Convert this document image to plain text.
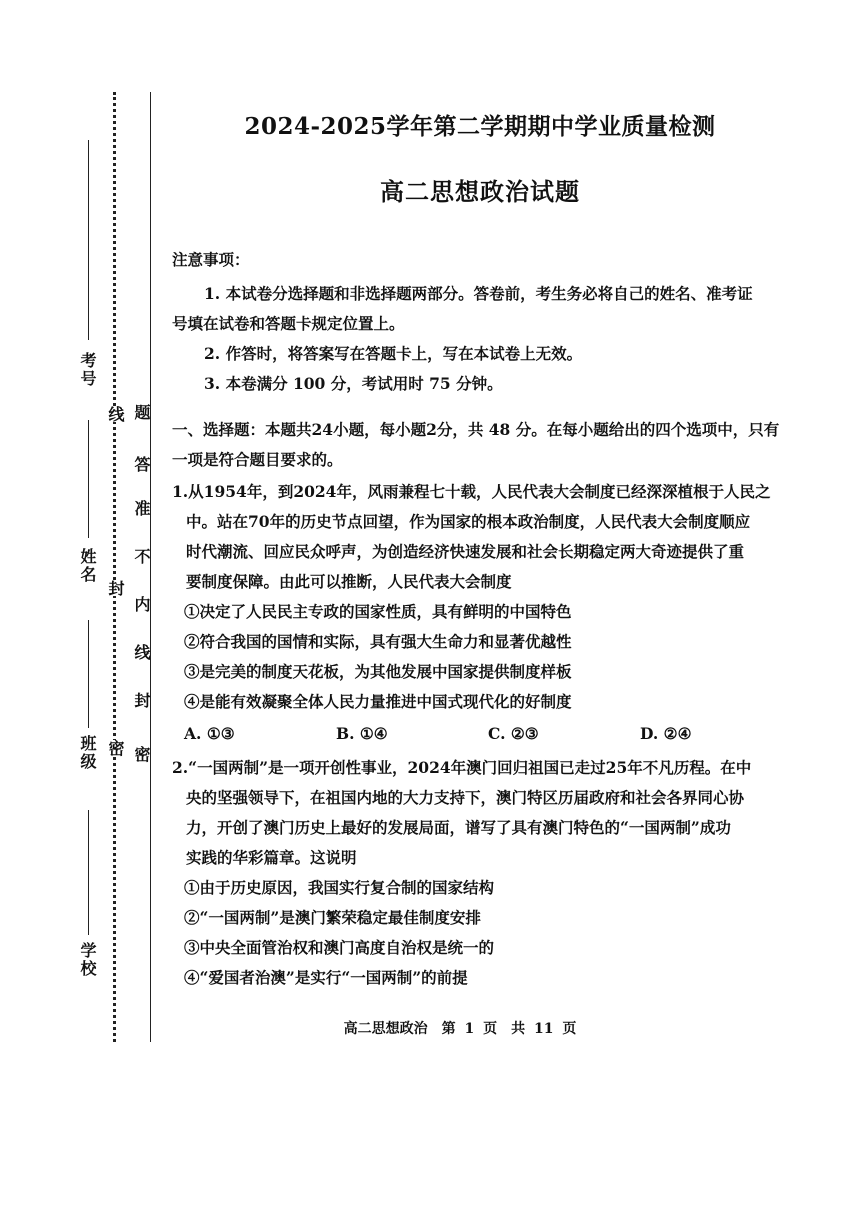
考号
姓名
班级
学校
题
答
准
不
内
线
封
密
线
封
密
2024-2025学年第二学期期中学业质量检测
高二思想政治试题
注意事项：
1. 本试卷分选择题和非选择题两部分。答卷前，考生务必将自己的姓名、准考证
号填在试卷和答题卡规定位置上。
2. 作答时，将答案写在答题卡上，写在本试卷上无效。
3. 本卷满分 100 分，考试用时 75 分钟。
一、选择题：本题共24小题，每小题2分，共 48 分。在每小题给出的四个选项中，只有
一项是符合题目要求的。
1.从1954年，到2024年，风雨兼程七十载，人民代表大会制度已经深深植根于人民之
中。站在70年的历史节点回望，作为国家的根本政治制度，人民代表大会制度顺应
时代潮流、回应民众呼声，为创造经济快速发展和社会长期稳定两大奇迹提供了重
要制度保障。由此可以推断，人民代表大会制度
①决定了人民民主专政的国家性质，具有鲜明的中国特色
②符合我国的国情和实际，具有强大生命力和显著优越性
③是完美的制度天花板，为其他发展中国家提供制度样板
④是能有效凝聚全体人民力量推进中国式现代化的好制度
A. ①③	B. ①④	C. ②③	D. ②④
2.“一国两制”是一项开创性事业，2024年澳门回归祖国已走过25年不凡历程。在中
央的坚强领导下，在祖国内地的大力支持下，澳门特区历届政府和社会各界同心协
力，开创了澳门历史上最好的发展局面，谱写了具有澳门特色的“一国两制”成功
实践的华彩篇章。这说明
①由于历史原因，我国实行复合制的国家结构
②“一国两制”是澳门繁荣稳定最佳制度安排
③中央全面管治权和澳门高度自治权是统一的
④“爱国者治澳”是实行“一国两制”的前提
高二思想政治　第 1 页　共 11 页
